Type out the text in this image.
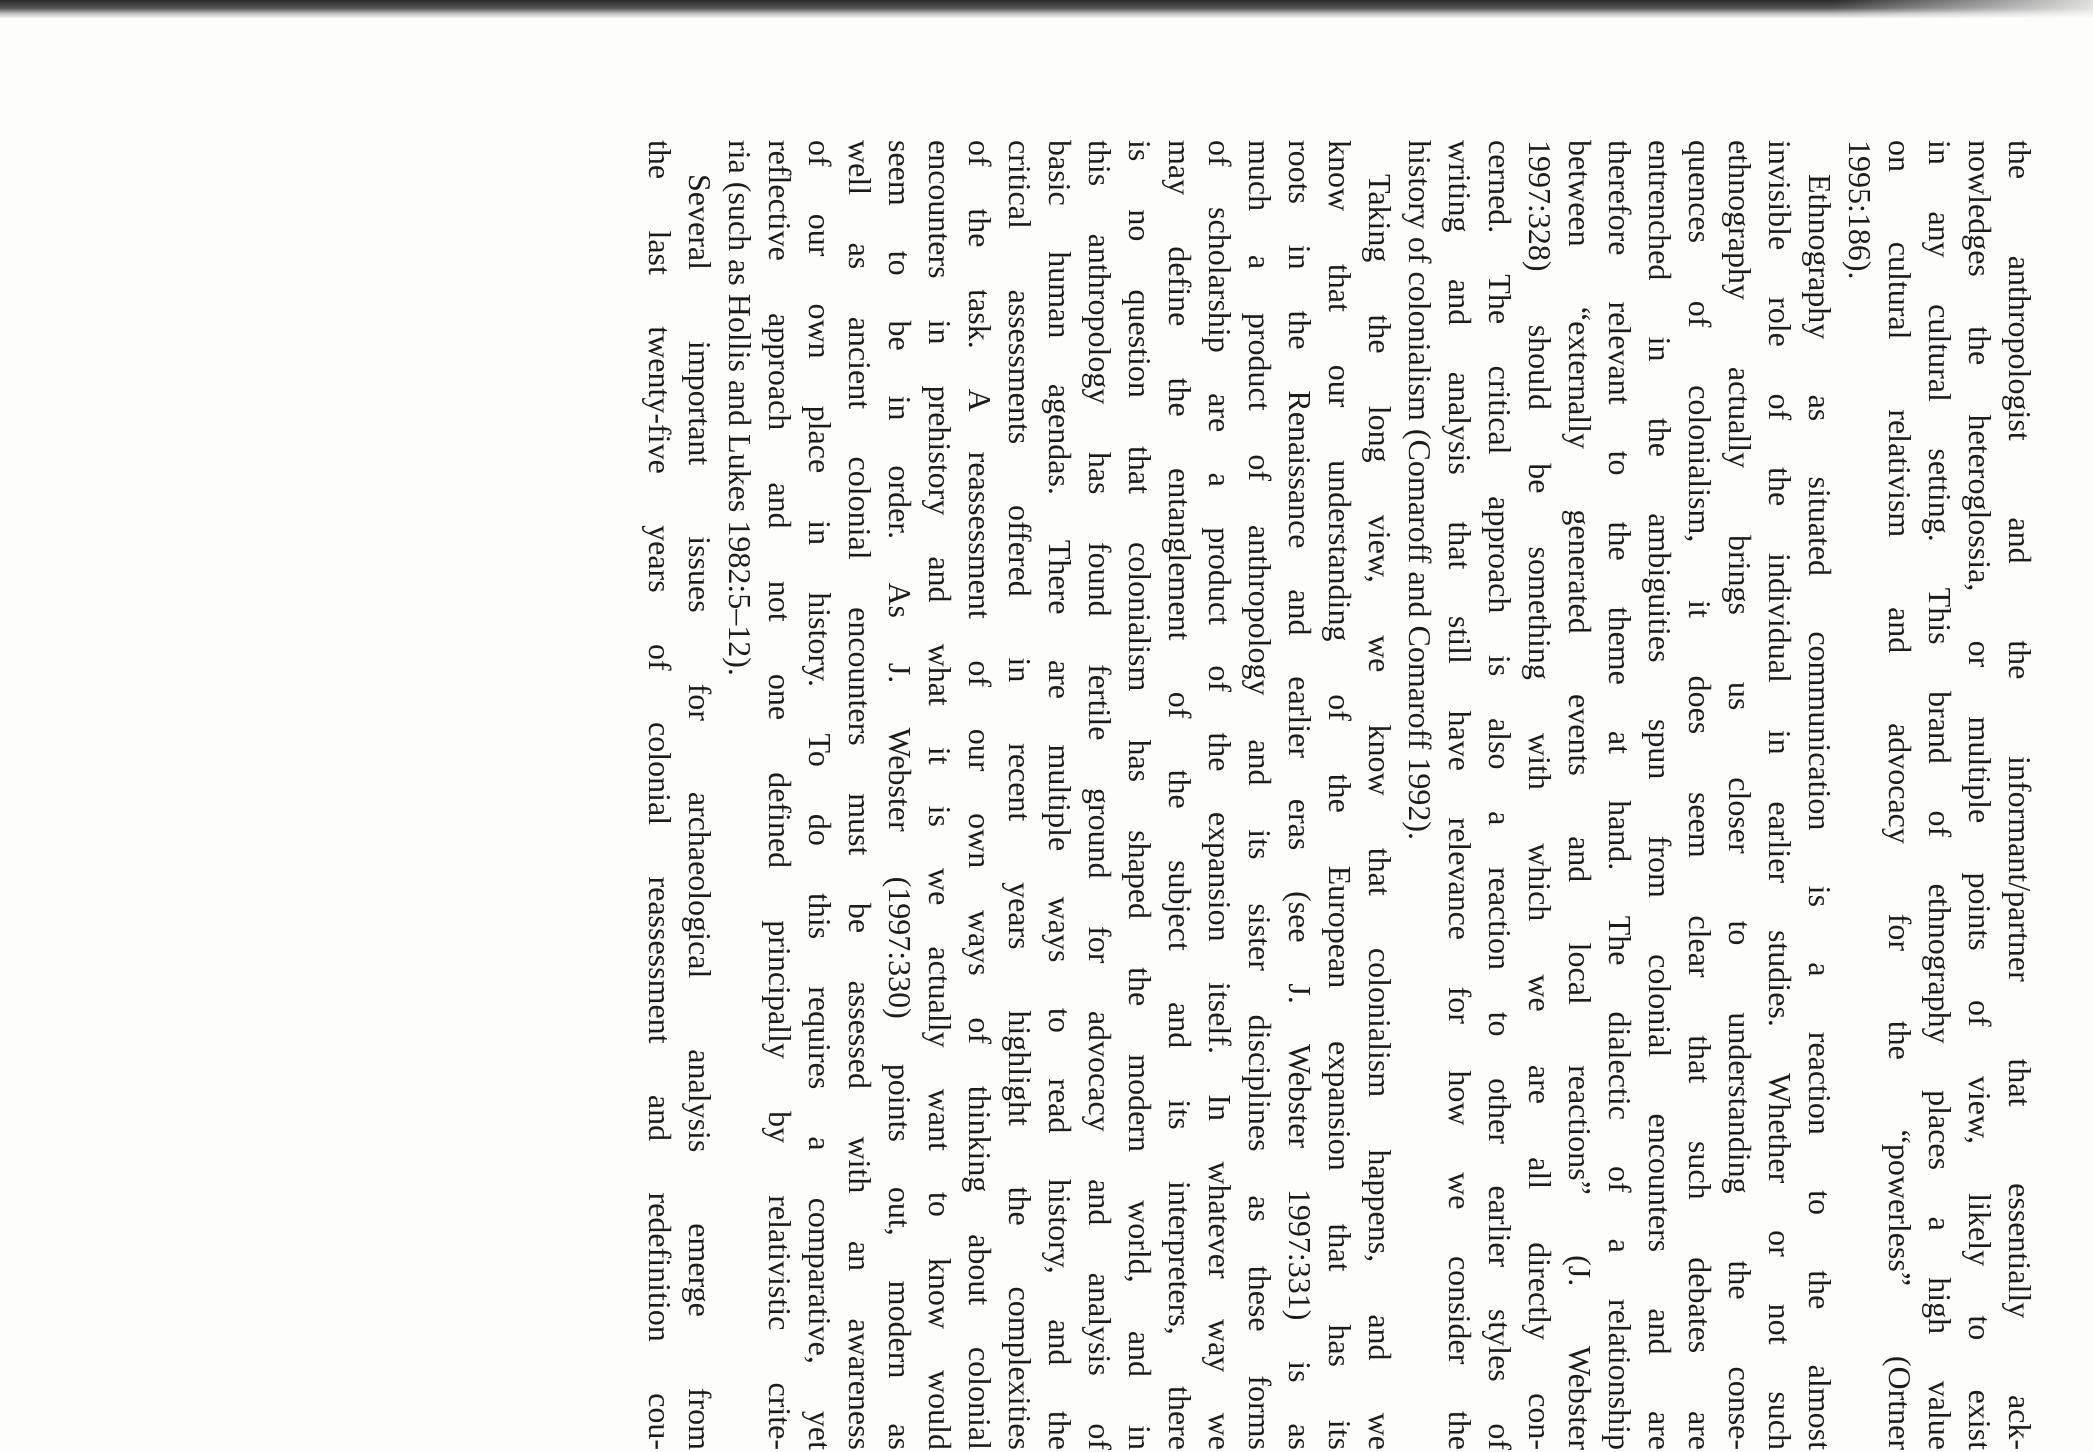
the anthropologist and the informant/partner that essentially ack-
nowledges the heteroglossia, or multiple points of view, likely to exist
in any cultural setting. This brand of ethnography places a high value
on cultural relativism and advocacy for the “powerless” (Ortner
1995:186).
Ethnography as situated communication is a reaction to the almost
invisible role of the individual in earlier studies. Whether or not such
ethnography actually brings us closer to understanding the conse-
quences of colonialism, it does seem clear that such debates are
entrenched in the ambiguities spun from colonial encounters and are
therefore relevant to the theme at hand. The dialectic of a relationship
between “externally generated events and local reactions” (J. Webster
1997:328) should be something with which we are all directly con-
cerned. The critical approach is also a reaction to other earlier styles of
writing and analysis that still have relevance for how we consider the
history of colonialism (Comaroff and Comaroff 1992).
Taking the long view, we know that colonialism happens, and we
know that our understanding of the European expansion that has its
roots in the Renaissance and earlier eras (see J. Webster 1997:331) is as
much a product of anthropology and its sister disciplines as these forms
of scholarship are a product of the expansion itself. In whatever way we
may define the entanglement of the subject and its interpreters, there
is no question that colonialism has shaped the modern world, and in
this anthropology has found fertile ground for advocacy and analysis of
basic human agendas. There are multiple ways to read history, and the
critical assessments offered in recent years highlight the complexities
of the task. A reassessment of our own ways of thinking about colonial
encounters in prehistory and what it is we actually want to know would
seem to be in order. As J. Webster (1997:330) points out, modern as
well as ancient colonial encounters must be assessed with an awareness
of our own place in history. To do this requires a comparative, yet
reflective approach and not one defined principally by relativistic crite-
ria (such as Hollis and Lukes 1982:5–12).
Several important issues for archaeological analysis emerge from
the last twenty-five years of colonial reassessment and redefinition cou-
